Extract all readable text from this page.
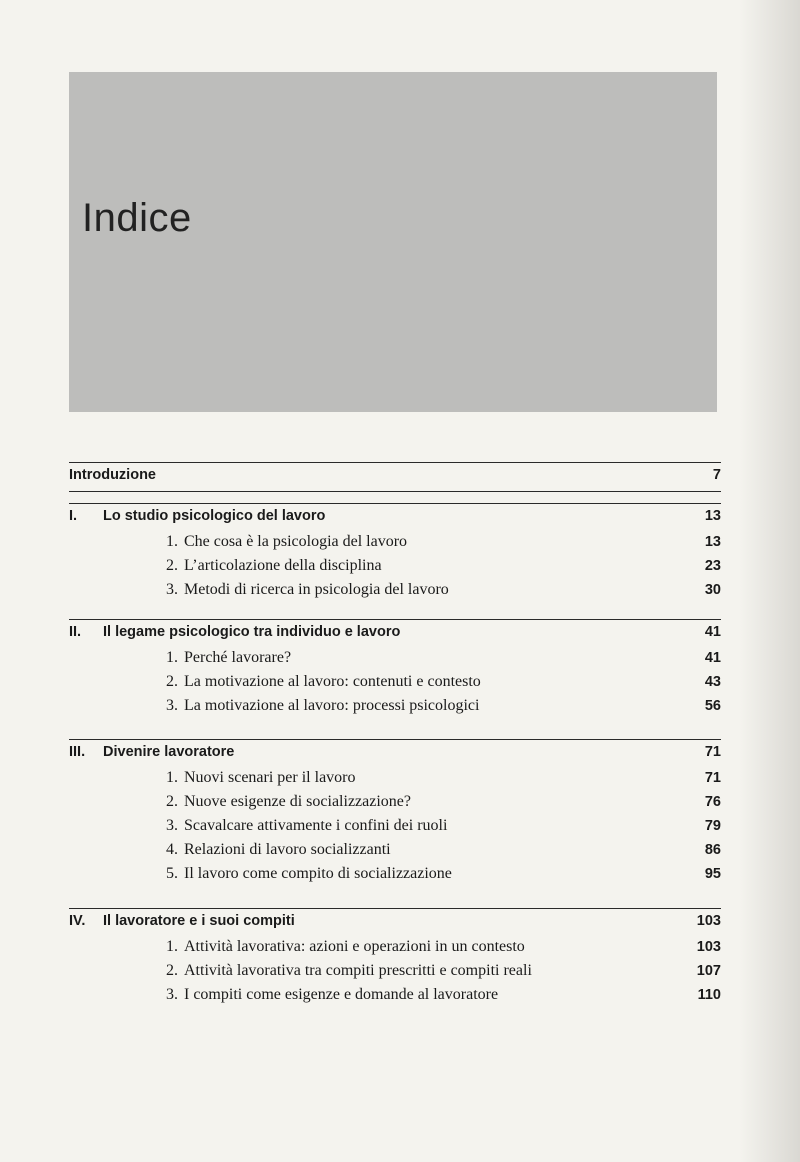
Indice
Introduzione	7
I.	Lo studio psicologico del lavoro	13
1. Che cosa è la psicologia del lavoro	13
2. L’articolazione della disciplina	23
3. Metodi di ricerca in psicologia del lavoro	30
II.	Il legame psicologico tra individuo e lavoro	41
1. Perché lavorare?	41
2. La motivazione al lavoro: contenuti e contesto	43
3. La motivazione al lavoro: processi psicologici	56
III.	Divenire lavoratore	71
1. Nuovi scenari per il lavoro	71
2. Nuove esigenze di socializzazione?	76
3. Scavalcare attivamente i confini dei ruoli	79
4. Relazioni di lavoro socializzanti	86
5. Il lavoro come compito di socializzazione	95
IV.	Il lavoratore e i suoi compiti	103
1. Attività lavorativa: azioni e operazioni in un contesto	103
2. Attività lavorativa tra compiti prescritti e compiti reali	107
3. I compiti come esigenze e domande al lavoratore	110
